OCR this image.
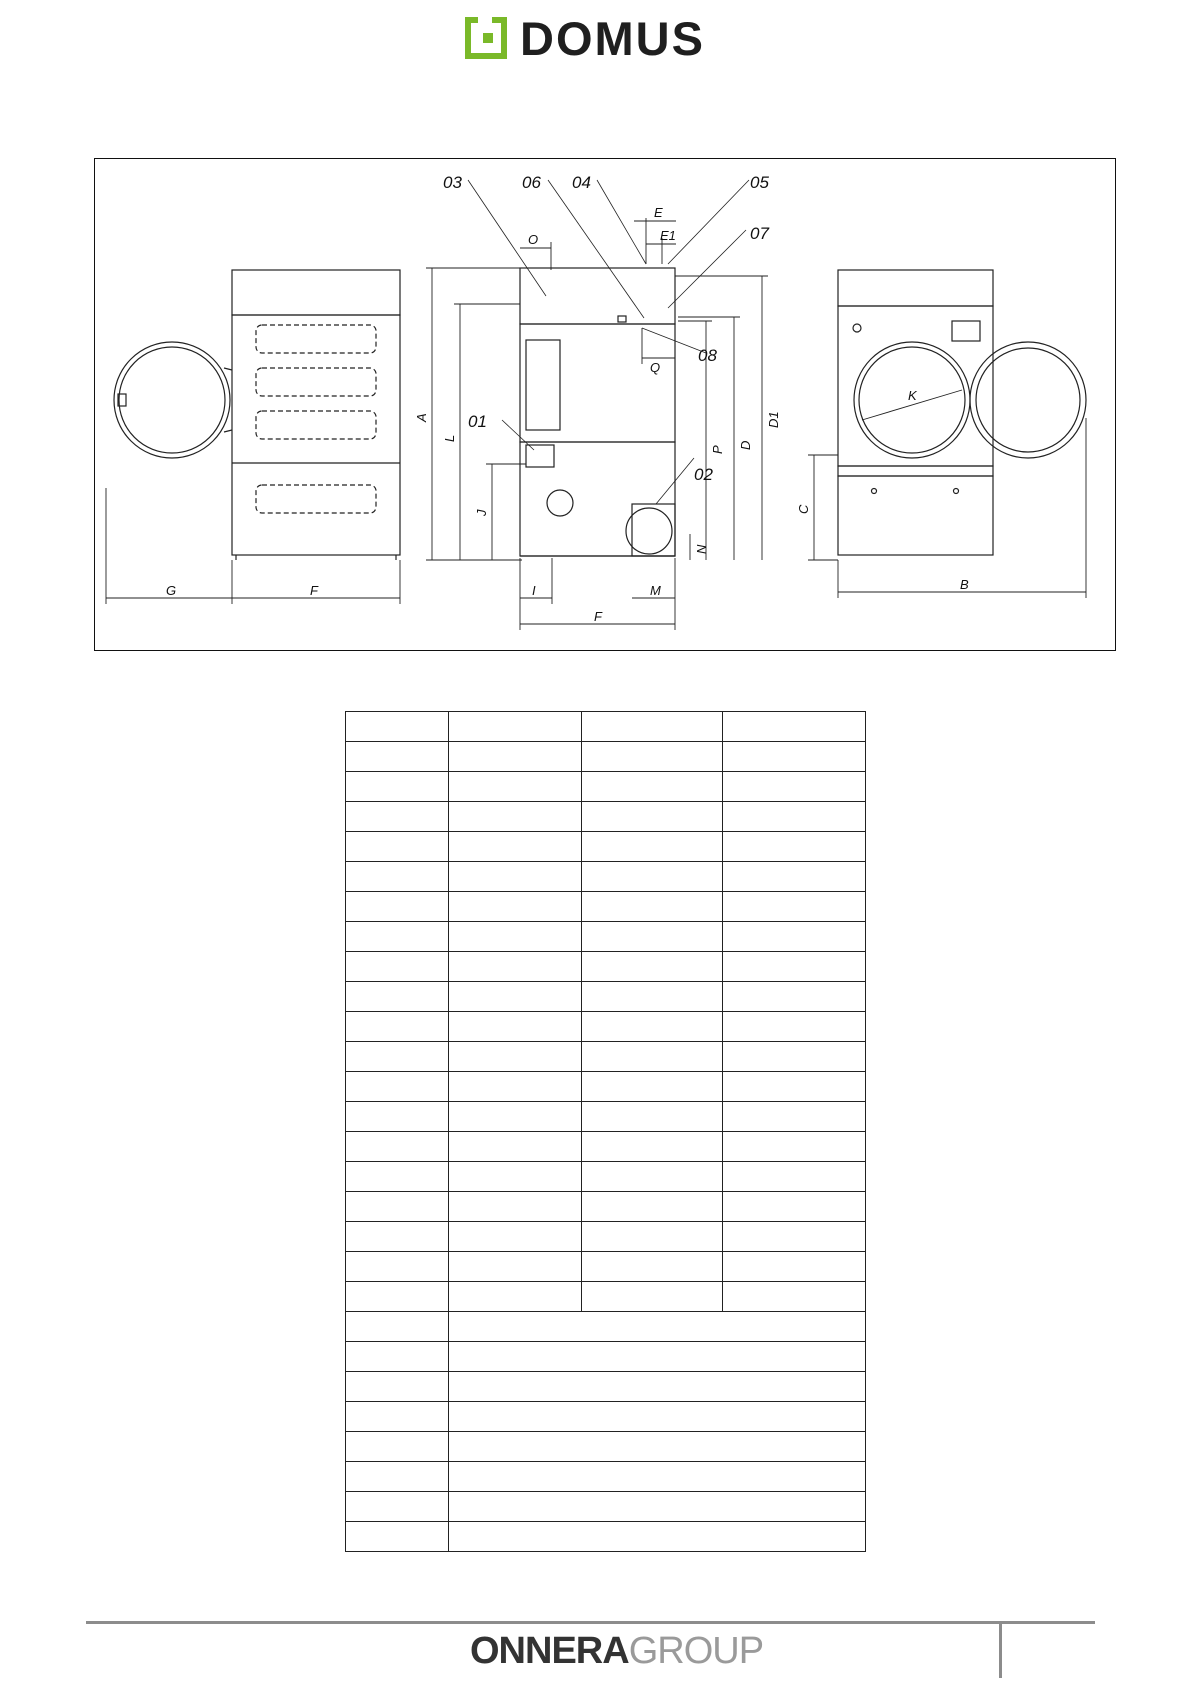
DOMUS
03	06 04	05
07
08
01
02
G	F	I	M
F
B
O
E
E1
Q
K
A
L
J
P D
D1
N
C

ONNERAGROUP
